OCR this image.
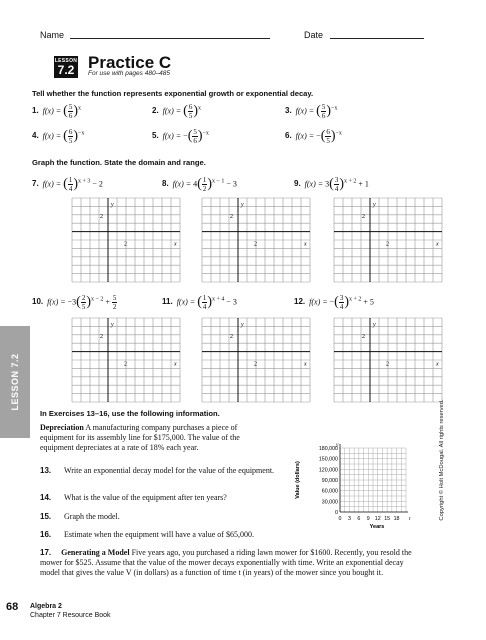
Name	Date
LESSON
7.2 Practice C
For use with pages 480–485
Tell whether the function represents exponential growth or exponential decay.
1. f(x) = ( $\frac{5}{6} )^x$	2. f(x) = ( $\frac{6}{5} )^x$	3. f(x) = ( $\frac{5}{6} )^{-x}$
4. f(x) = ( $\frac{6}{5} )^{-x}$	5. f(x) = −( $\frac{5}{6} )^{-x}$	6. f(x) = −( $\frac{6}{5} )^{-x}$
Graph the function. State the domain and range.
7. f(x) = ( $\frac{1}{4} )^{x + 3} - 2$
y
x
2
2
8. $f(x) = 4( \frac{1}{2} )^{x - 1} - 3$
y
x
2
2
9. $f(x) = 3( \frac{3}{4} )^{x + 2} + 1$
y
x
2
2
10. $f(x) = -3( \frac{2}{5} )^{x - 2} + \frac{5}{2}$
y
x
2
2
11. f(x) = ( $\frac{1}{4} )^{x + 4} - 3$
y
x
2
2
12. f(x) = −( $\frac{3}{4} )^{x + 2} + 5$
y
x
2
2
LESSON 7.2
In Exercises 13–16, use the following information.
Depreciation A manufacturing company purchases a piece of equipment for its assembly line for $175,000. The value of the equipment depreciates at a rate of 18% each year.
13. Write an exponential decay model for the value of the equipment.
14. What is the value of the equipment after ten years?
15. Graph the model.
16. Estimate when the equipment will have a value of $65,000.
Value (dollars)
y
180,000
150,000
120,000
90,000
60,000
30,000
0
0 3 6 9 12 15 18 t
Years
17. Generating a Model Five years ago, you purchased a riding lawn mower for $1600. Recently, you resold the mower for $525. Assume that the value of the mower decays exponentially with time. Write an exponential decay model that gives the value V (in dollars) as a function of time t (in years) of the mower since you bought it.
Copyright © Holt McDougal. All rights reserved.
68 Algebra 2
Chapter 7 Resource Book
